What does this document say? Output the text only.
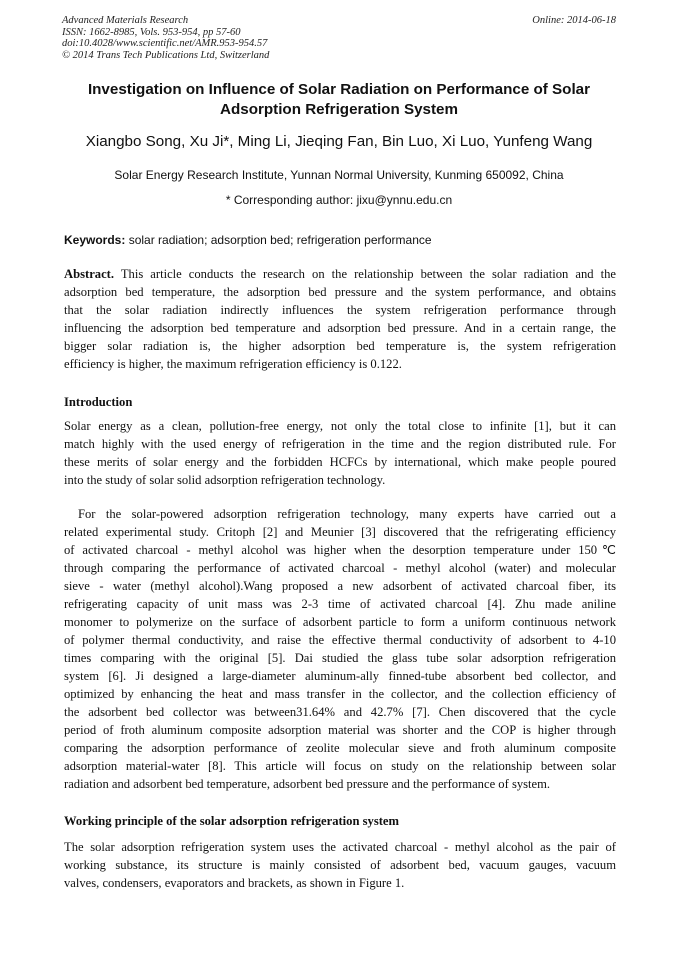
Advanced Materials Research
ISSN: 1662-8985, Vols. 953-954, pp 57-60
doi:10.4028/www.scientific.net/AMR.953-954.57
© 2014 Trans Tech Publications Ltd, Switzerland
Online: 2014-06-18
Investigation on Influence of Solar Radiation on Performance of Solar
Adsorption Refrigeration System
Xiangbo Song, Xu Ji*, Ming Li, Jieqing Fan, Bin Luo, Xi Luo, Yunfeng Wang
Solar Energy Research Institute, Yunnan Normal University, Kunming 650092, China
* Corresponding author: jixu@ynnu.edu.cn
Keywords: solar radiation; adsorption bed; refrigeration performance
Abstract. This article conducts the research on the relationship between the solar radiation and the
adsorption bed temperature, the adsorption bed pressure and the system performance, and obtains
that the solar radiation indirectly influences the system refrigeration performance through
influencing the adsorption bed temperature and adsorption bed pressure. And in a certain range, the
bigger solar radiation is, the higher adsorption bed temperature is, the system refrigeration
efficiency is higher, the maximum refrigeration efficiency is 0.122.
Introduction
Solar energy as a clean, pollution-free energy, not only the total close to infinite [1], but it can
match highly with the used energy of refrigeration in the time and the region distributed rule. For
these merits of solar energy and the forbidden HCFCs by international, which make people poured
into the study of solar solid adsorption refrigeration technology.
For the solar-powered adsorption refrigeration technology, many experts have carried out a
related experimental study. Critoph [2] and Meunier [3] discovered that the refrigerating efficiency
of activated charcoal - methyl alcohol was higher when the desorption temperature under 150℃
through comparing the performance of activated charcoal - methyl alcohol (water) and molecular
sieve - water (methyl alcohol).Wang proposed a new adsorbent of activated charcoal fiber, its
refrigerating capacity of unit mass was 2-3 time of activated charcoal [4]. Zhu made aniline
monomer to polymerize on the surface of adsorbent particle to form a uniform continuous network
of polymer thermal conductivity, and raise the effective thermal conductivity of adsorbent to 4-10
times comparing with the original [5]. Dai studied the glass tube solar adsorption refrigeration
system [6]. Ji designed a large-diameter aluminum-ally finned-tube absorbent bed collector, and
optimized by enhancing the heat and mass transfer in the collector, and the collection efficiency of
the adsorbent bed collector was between31.64% and 42.7% [7]. Chen discovered that the cycle
period of froth aluminum composite adsorption material was shorter and the COP is higher through
comparing the adsorption performance of zeolite molecular sieve and froth aluminum composite
adsorption material-water [8]. This article will focus on study on the relationship between solar
radiation and adsorbent bed temperature, adsorbent bed pressure and the performance of system.
Working principle of the solar adsorption refrigeration system
The solar adsorption refrigeration system uses the activated charcoal - methyl alcohol as the pair of
working substance, its structure is mainly consisted of adsorbent bed, vacuum gauges, vacuum
valves, condensers, evaporators and brackets, as shown in Figure 1.
